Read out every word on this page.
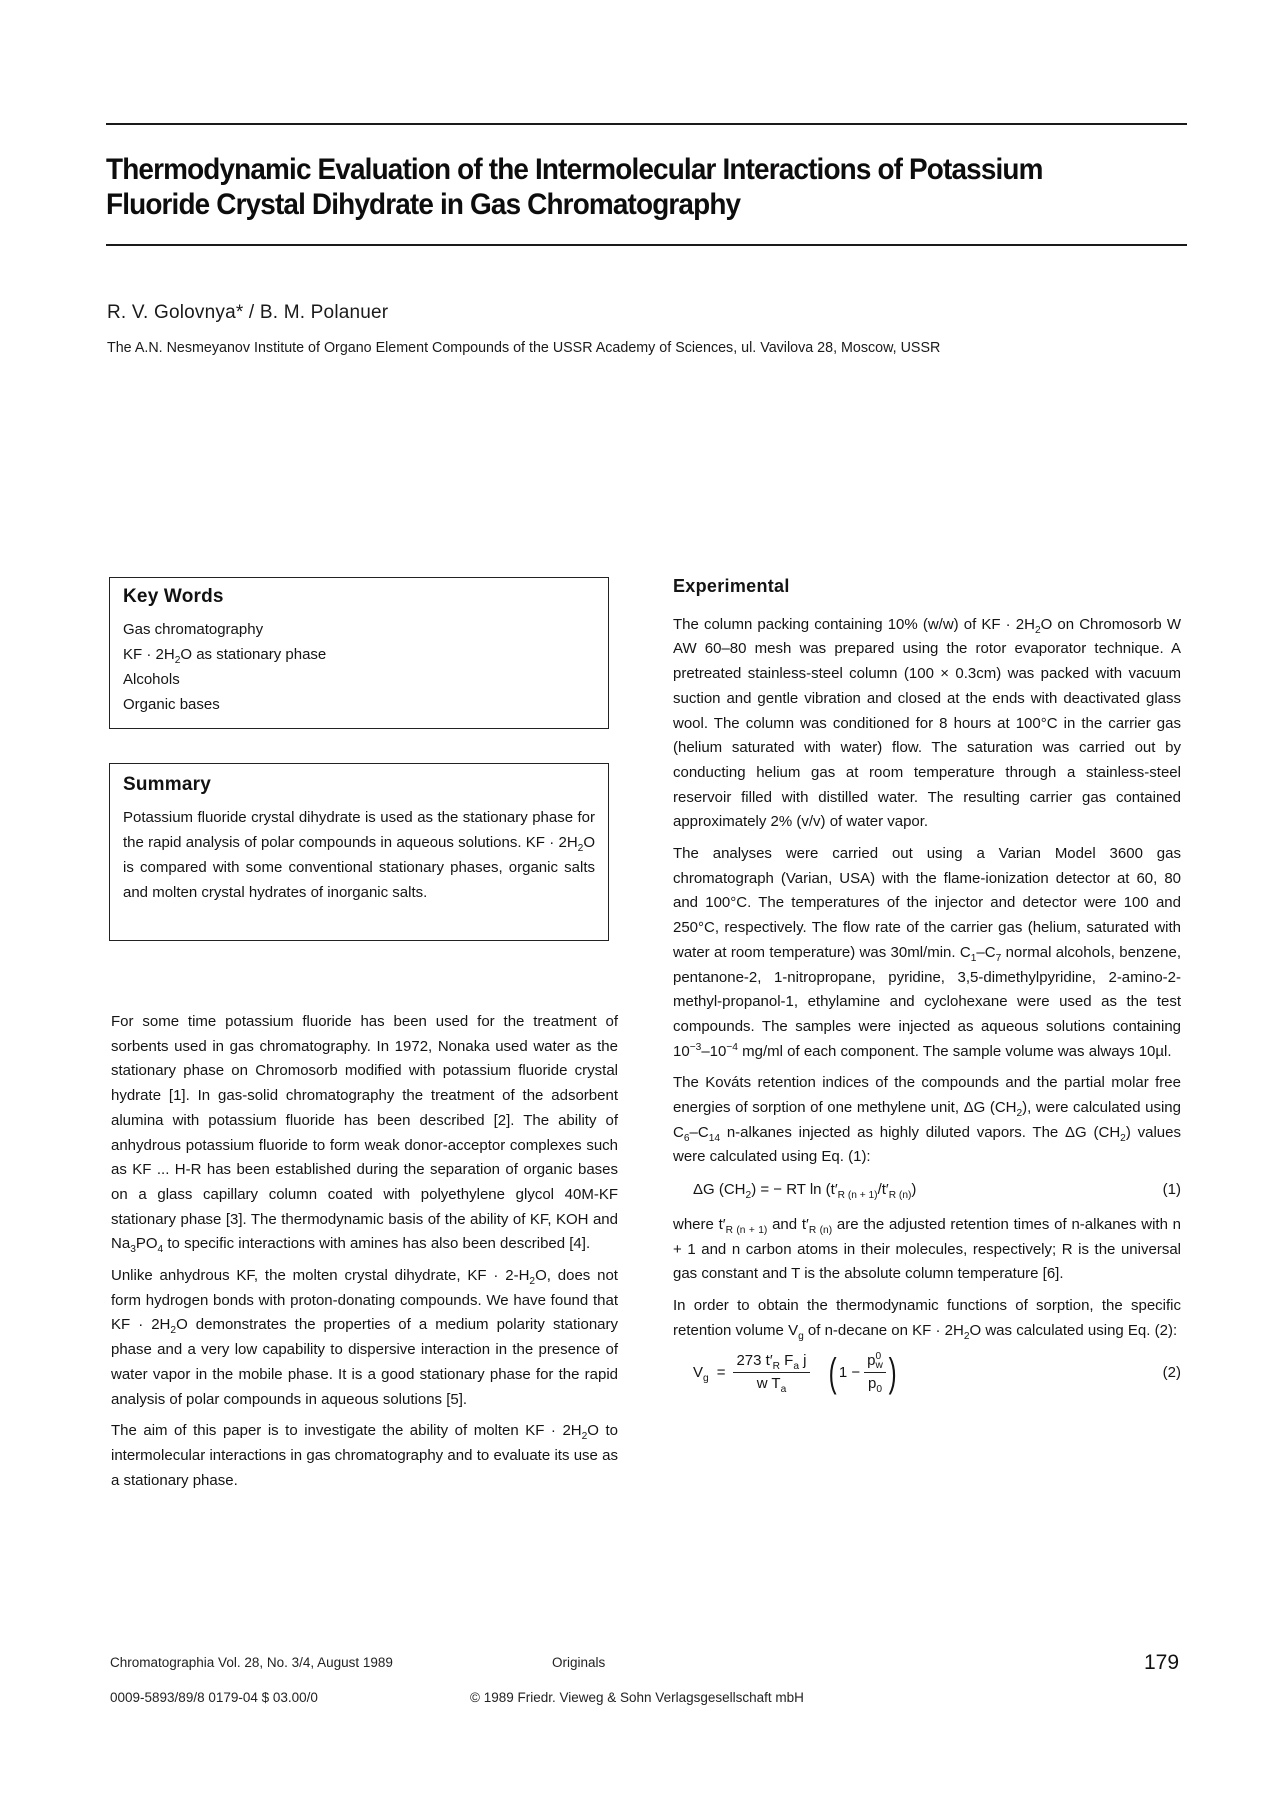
Thermodynamic Evaluation of the Intermolecular Interactions of Potassium
Fluoride Crystal Dihydrate in Gas Chromatography
R. V. Golovnya* / B. M. Polanuer
The A.N. Nesmeyanov Institute of Organo Element Compounds of the USSR Academy of Sciences, ul. Vavilova 28, Moscow, USSR
Key Words
Gas chromatography
KF · $2H_2O$ as stationary phase
Alcohols
Organic bases
Summary

Potassium fluoride crystal dihydrate is used as the stationary phase for the rapid analysis of polar compounds in aqueous solutions. KF · $2H_2O$ is compared with some conventional stationary phases, organic salts and molten crystal hydrates of inorganic salts.

For some time potassium fluoride has been used for the treatment of sorbents used in gas chromatography. In 1972, Nonaka used water as the stationary phase on Chromosorb modified with potassium fluoride crystal hydrate [1]. In gas-solid chromatography the treatment of the adsorbent alumina with potassium fluoride has been described [2]. The ability of anhydrous potassium fluoride to form weak donor-acceptor complexes such as KF ... H-R has been established during the separation of organic bases on a glass capillary column coated with polyethylene glycol 40M-KF stationary phase [3]. The thermodynamic basis of the ability of KF, KOH and $Na_3PO_4$ to specific interactions with amines has also been described [4].

Unlike anhydrous KF, the molten crystal dihydrate, KF · $2-H_2O$, does not form hydrogen bonds with proton-donating compounds. We have found that KF · $2H_2O$ demonstrates the properties of a medium polarity stationary phase and a very low capability to dispersive interaction in the presence of water vapor in the mobile phase. It is a good stationary phase for the rapid analysis of polar compounds in aqueous solutions [5].

The aim of this paper is to investigate the ability of molten KF · $2H_2O$ to intermolecular interactions in gas chromatography and to evaluate its use as a stationary phase.

Experimental

The column packing containing 10% (w/w) of KF · $2H_2O$ on Chromosorb W AW 60–80 mesh was prepared using the rotor evaporator technique. A pretreated stainless-steel column (100 × 0.3cm) was packed with vacuum suction and gentle vibration and closed at the ends with deactivated glass wool. The column was conditioned for 8 hours at 100°C in the carrier gas (helium saturated with water) flow. The saturation was carried out by conducting helium gas at room temperature through a stainless-steel reservoir filled with distilled water. The resulting carrier gas contained approximately 2% (v/v) of water vapor.

The analyses were carried out using a Varian Model 3600 gas chromatograph (Varian, USA) with the flame-ionization detector at 60, 80 and 100°C. The temperatures of the injector and detector were 100 and 250°C, respectively. The flow rate of the carrier gas (helium, saturated with water at room temperature) was 30ml/min. $C_1-C_7$ normal alcohols, benzene, pentanone-2, 1-nitropropane, pyridine, 3,5-dimethylpyridine, 2-amino-2-methyl-propanol-1, ethylamine and cyclohexane were used as the test compounds. The samples were injected as aqueous solutions containing $10^{-3}-10^{-4}$ mg/ml of each component. The sample volume was always 10µl.

The Kováts retention indices of the compounds and the partial molar free energies of sorption of one methylene unit, ΔG $(CH_2)$, were calculated using $C_6-C_{14}$ n-alkanes injected as highly diluted vapors. The ΔG $(CH_2)$ values were calculated using Eq. (1):

ΔG $(CH_2)$ = − RT $\ln (t'_{R (n + 1)}/t'_{R (n)})$	(1)

where $t'_{R (n + 1)}$ and $t'_{R (n)}$ are the adjusted retention times of n-alkanes with n + 1 and n carbon atoms in their molecules, respectively; R is the universal gas constant and T is the absolute column temperature [6].

In order to obtain the thermodynamic functions of sorption, the specific retention volume $V_g$ of n-decane on KF · $2H_2O$ was calculated using Eq. (2):

$V_g = \frac{273 t'_R F_a j}{w T_a}$ ( 1 − p 0
w
$p_0$ )	(2)
Chromatographia Vol. 28, No. 3/4, August 1989	Originals	179
0009-5893/89/8 0179-04 $ 03.00/0	© 1989 Friedr. Vieweg & Sohn Verlagsgesellschaft mbH
